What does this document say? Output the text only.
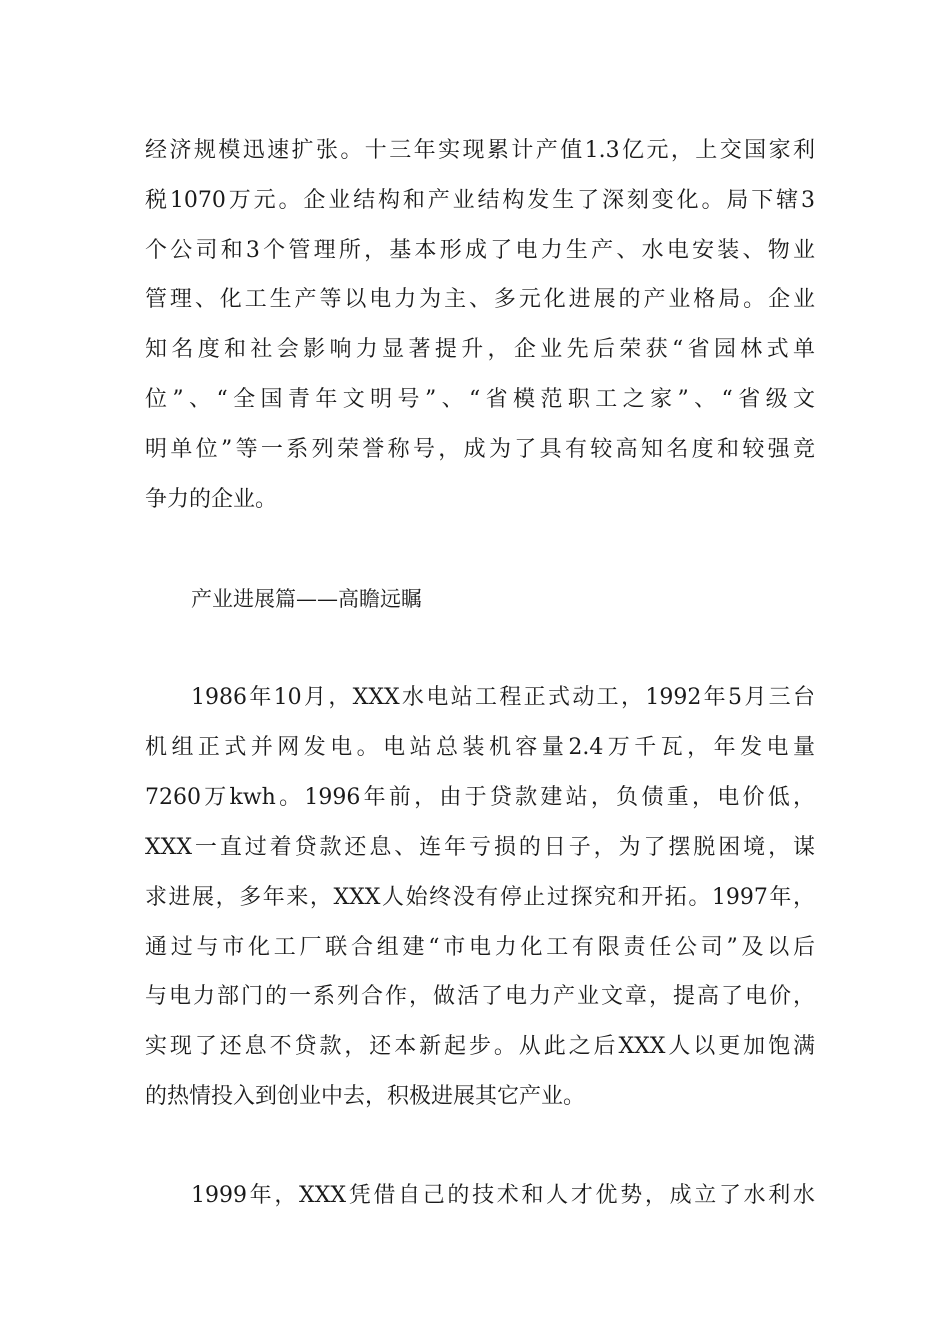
经济规模迅速扩张。十三年实现累计产值1.3亿元，上交国家利
税1070万元。企业结构和产业结构发生了深刻变化。局下辖3
个公司和3个管理所，基本形成了电力生产、水电安装、物业
管理、化工生产等以电力为主、多元化进展的产业格局。企业
知名度和社会影响力显著提升，企业先后荣获“省园林式单
位”、“全国青年文明号”、“省模范职工之家”、“省级文
明单位”等一系列荣誉称号，成为了具有较高知名度和较强竞
争力的企业。
产业进展篇——高瞻远瞩
1986年10月，XXX水电站工程正式动工，1992年5月三台
机组正式并网发电。电站总装机容量2.4万千瓦，年发电量
7260万kwh。1996年前，由于贷款建站，负债重，电价低，
XXX一直过着贷款还息、连年亏损的日子，为了摆脱困境，谋
求进展，多年来，XXX人始终没有停止过探究和开拓。1997年，
通过与市化工厂联合组建“市电力化工有限责任公司”及以后
与电力部门的一系列合作，做活了电力产业文章，提高了电价，
实现了还息不贷款，还本新起步。从此之后XXX人以更加饱满
的热情投入到创业中去，积极进展其它产业。
1999年，XXX凭借自己的技术和人才优势，成立了水利水
